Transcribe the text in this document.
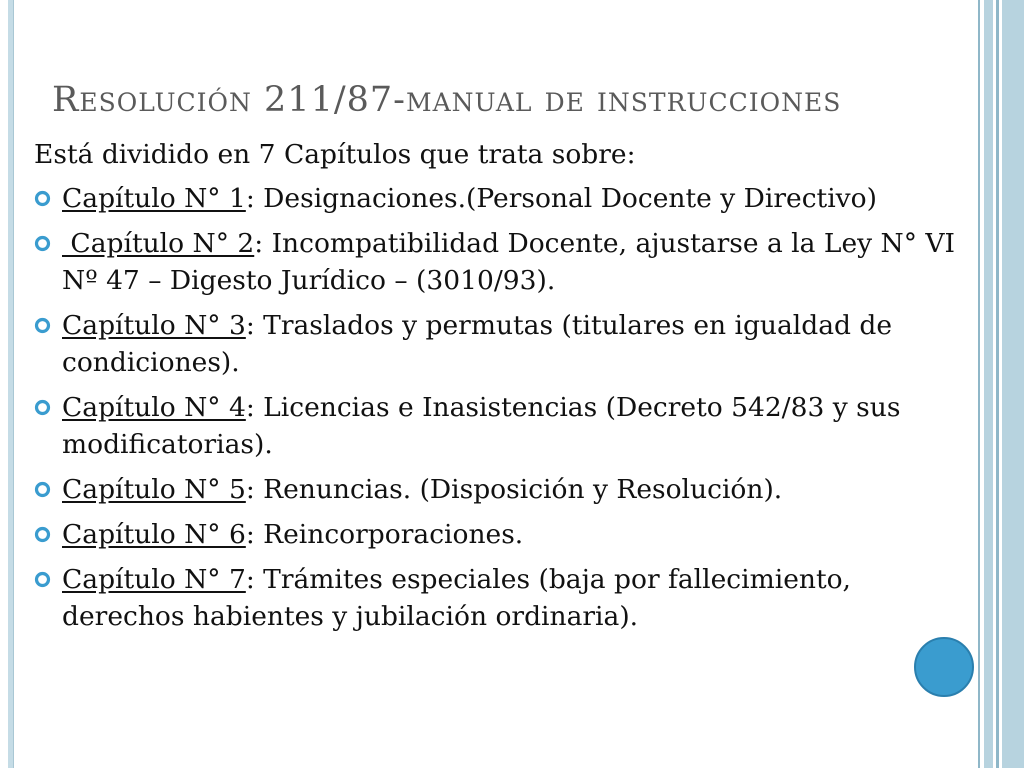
Resolución 211/87-manual de instrucciones

Está dividido en 7 Capítulos que trata sobre:

Capítulo N° 1: Designaciones.(Personal Docente y Directivo)
Capítulo N° 2: Incompatibilidad Docente, ajustarse a la Ley N° VI Nº 47 – Digesto Jurídico – (3010/93).
Capítulo N° 3: Traslados y permutas (titulares en igualdad de condiciones).
Capítulo N° 4: Licencias e Inasistencias (Decreto 542/83 y sus modificatorias).
Capítulo N° 5: Renuncias. (Disposición y Resolución).
Capítulo N° 6: Reincorporaciones.
Capítulo N° 7: Trámites especiales (baja por fallecimiento, derechos habientes y jubilación ordinaria).
